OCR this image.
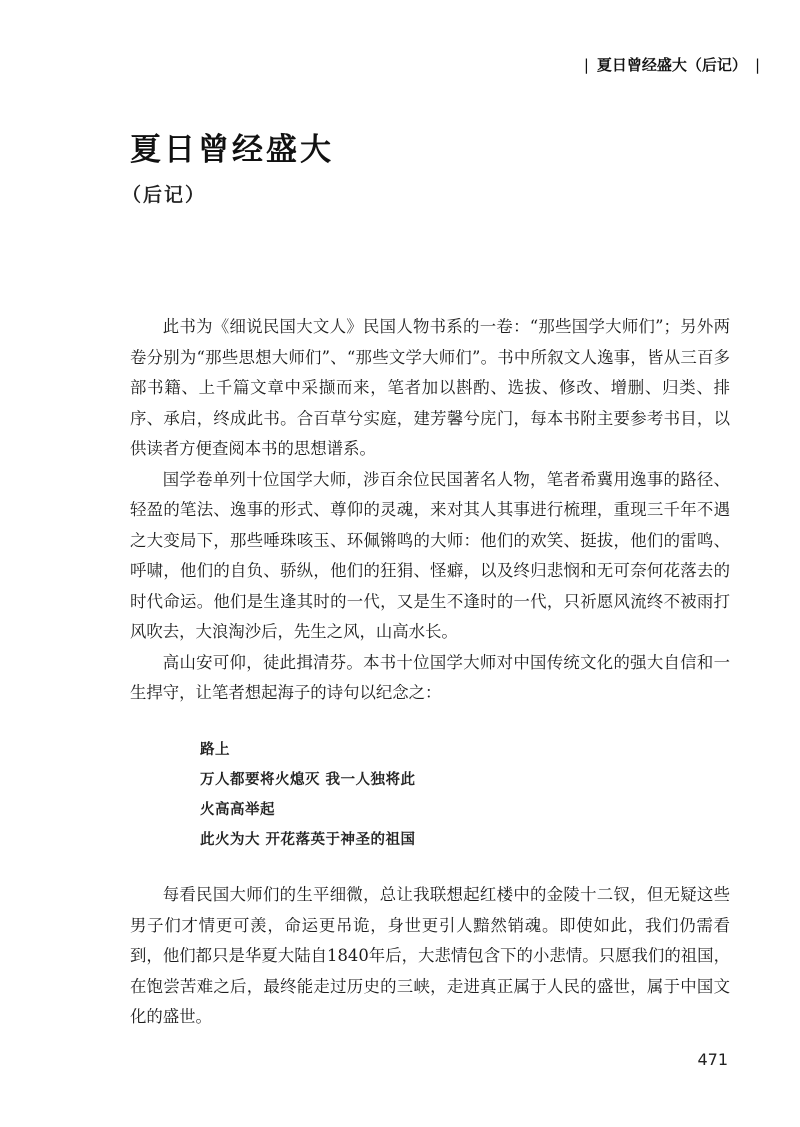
| 夏日曾经盛大（后记） |
夏日曾经盛大
（后记）

此书为《细说民国大文人》民国人物书系的一卷：“那些国学大师们”；另外两卷分别为“那些思想大师们”、“那些文学大师们”。书中所叙文人逸事，皆从三百多部书籍、上千篇文章中采撷而来，笔者加以斟酌、选拔、修改、增删、归类、排序、承启，终成此书。合百草兮实庭，建芳馨兮庑门，每本书附主要参考书目，以供读者方便查阅本书的思想谱系。

国学卷单列十位国学大师，涉百余位民国著名人物，笔者希冀用逸事的路径、轻盈的笔法、逸事的形式、尊仰的灵魂，来对其人其事进行梳理，重现三千年不遇之大变局下，那些唾珠咳玉、环佩锵鸣的大师：他们的欢笑、挺拔，他们的雷鸣、呼啸，他们的自负、骄纵，他们的狂狷、怪癖，以及终归悲悯和无可奈何花落去的时代命运。他们是生逢其时的一代，又是生不逢时的一代，只祈愿风流终不被雨打风吹去，大浪淘沙后，先生之风，山高水长。

高山安可仰，徒此揖清芬。本书十位国学大师对中国传统文化的强大自信和一生捍守，让笔者想起海子的诗句以纪念之：

路上
万人都要将火熄灭 我一人独将此
火高高举起
此火为大 开花落英于神圣的祖国

每看民国大师们的生平细微，总让我联想起红楼中的金陵十二钗，但无疑这些男子们才情更可羡，命运更吊诡，身世更引人黯然销魂。即使如此，我们仍需看到，他们都只是华夏大陆自1840年后，大悲情包含下的小悲情。只愿我们的祖国，在饱尝苦难之后，最终能走过历史的三峡，走进真正属于人民的盛世，属于中国文化的盛世。

471
